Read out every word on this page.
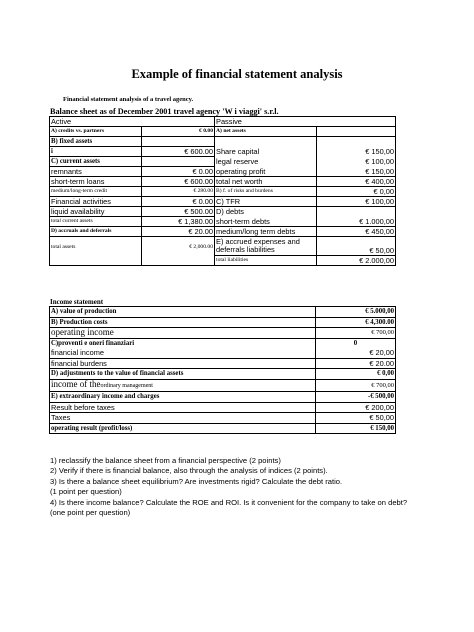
Example of financial statement analysis
Financial statement analysis of a travel agency.
Balance sheet as of December 2001 travel agency 'W i viaggi' s.r.l.
Active		Passive	
A) credits vs. partners	€ 0.00	A) net assets	
B) fixed assets			
i	€ 600.00	Share capital	€ 150,00
C) current assets		legal reserve	€ 100,00
remnants	€ 0.00	operating profit	€ 150,00
short-term loans	€ 600.00	total net worth	€ 400,00
medium/long-term credit	€ 280.00	B) f. of risks and burdens	€ 0,00
Financial activities	€ 0.00	C) TFR	€ 100,00
liquid availability	€ 500.00	D) debts	
total current assets	€ 1,380.00	short-term debts	€ 1.000,00
D) accruals and deferrals	€ 20.00	medium/long term debts	€ 450,00
total assets	€ 2,000.00	E) accrued expenses and deferrals liabilities	€ 50,00
		total liabilities	€ 2.000,00
Income statement
A) value of production	€ 5.000,00
B) Production costs	€ 4,300.00
operating income	€ 700,00
C)proventi e oneri finanziari	0
financial income	€ 20,00
financial burdens	€ 20.00
D) adjustments to the value of financial assets	€ 0,00
income of theordinary management	€ 700,00
E) extraordinary income and charges	-€ 500,00
Result before taxes	€ 200,00
Taxes	€ 50,00
operating result (profit/loss)	€ 150,00
1) reclassify the balance sheet from a financial perspective (2 points)
2) Verify if there is financial balance, also through the analysis of indices (2 points).
3) Is there a balance sheet equilibrium? Are investments rigid? Calculate the debt ratio.
(1 point per question)
4) Is there income balance? Calculate the ROE and ROI. Is it convenient for the company to take on debt?
(one point per question)
